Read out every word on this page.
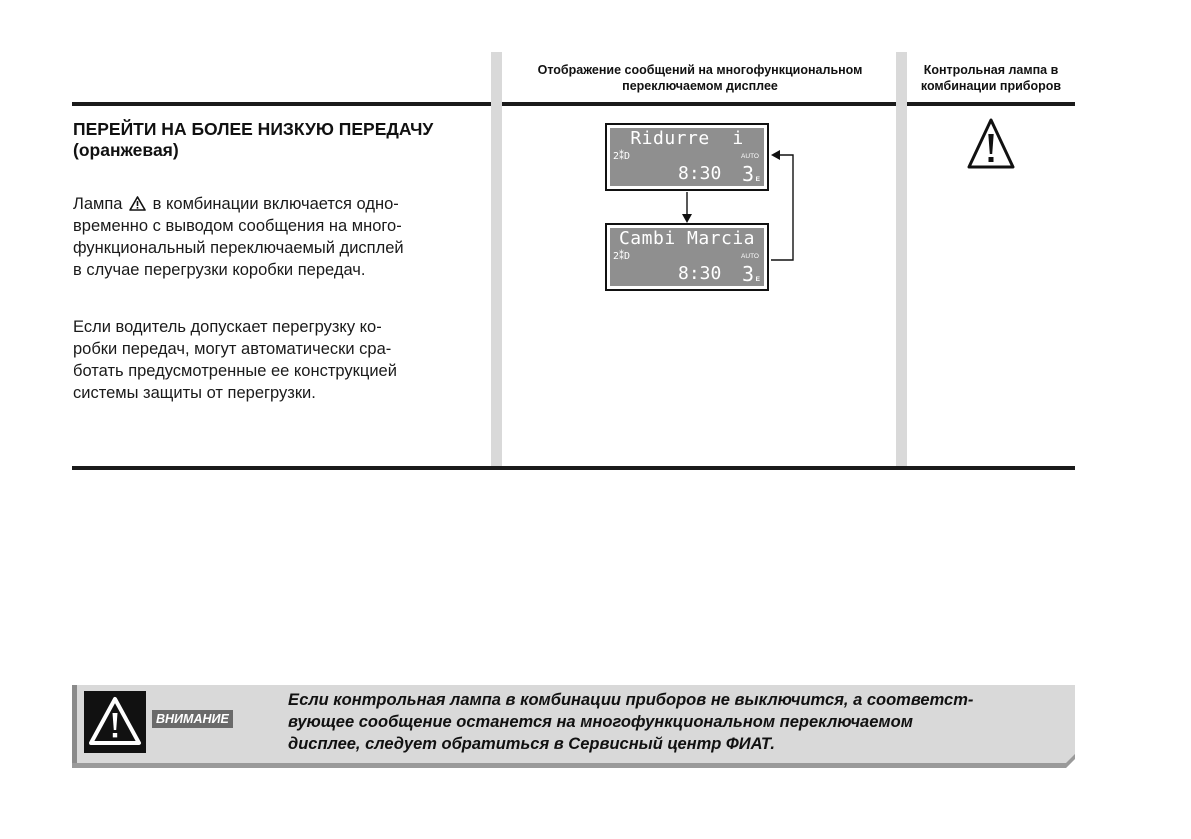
Отображение сообщений на многофункциональном
переключаемом дисплее
Контрольная лампа в
комбинации приборов
ПЕРЕЙТИ НА БОЛЕЕ НИЗКУЮ ПЕРЕДАЧУ
(оранжевая)
Лампа в комбинации включается одно-
временно с выводом сообщения на много-
функциональный переключаемый дисплей
в случае перегрузки коробки передач.
Если водитель допускает перегрузку ко-
робки передач, могут автоматически сра-
ботать предусмотренные ее конструкцией
системы защиты от перегрузки.
Ridurre  i
2⁑D	AUTO
8:30 3 E
Cambi Marcia
2⁑D	AUTO
8:30 3 E
ВНИМАНИЕ
Если контрольная лампа в комбинации приборов не выключится, а соответст-
вующее сообщение останется на многофункциональном переключаемом
дисплее, следует обратиться в Сервисный центр ФИАТ.
